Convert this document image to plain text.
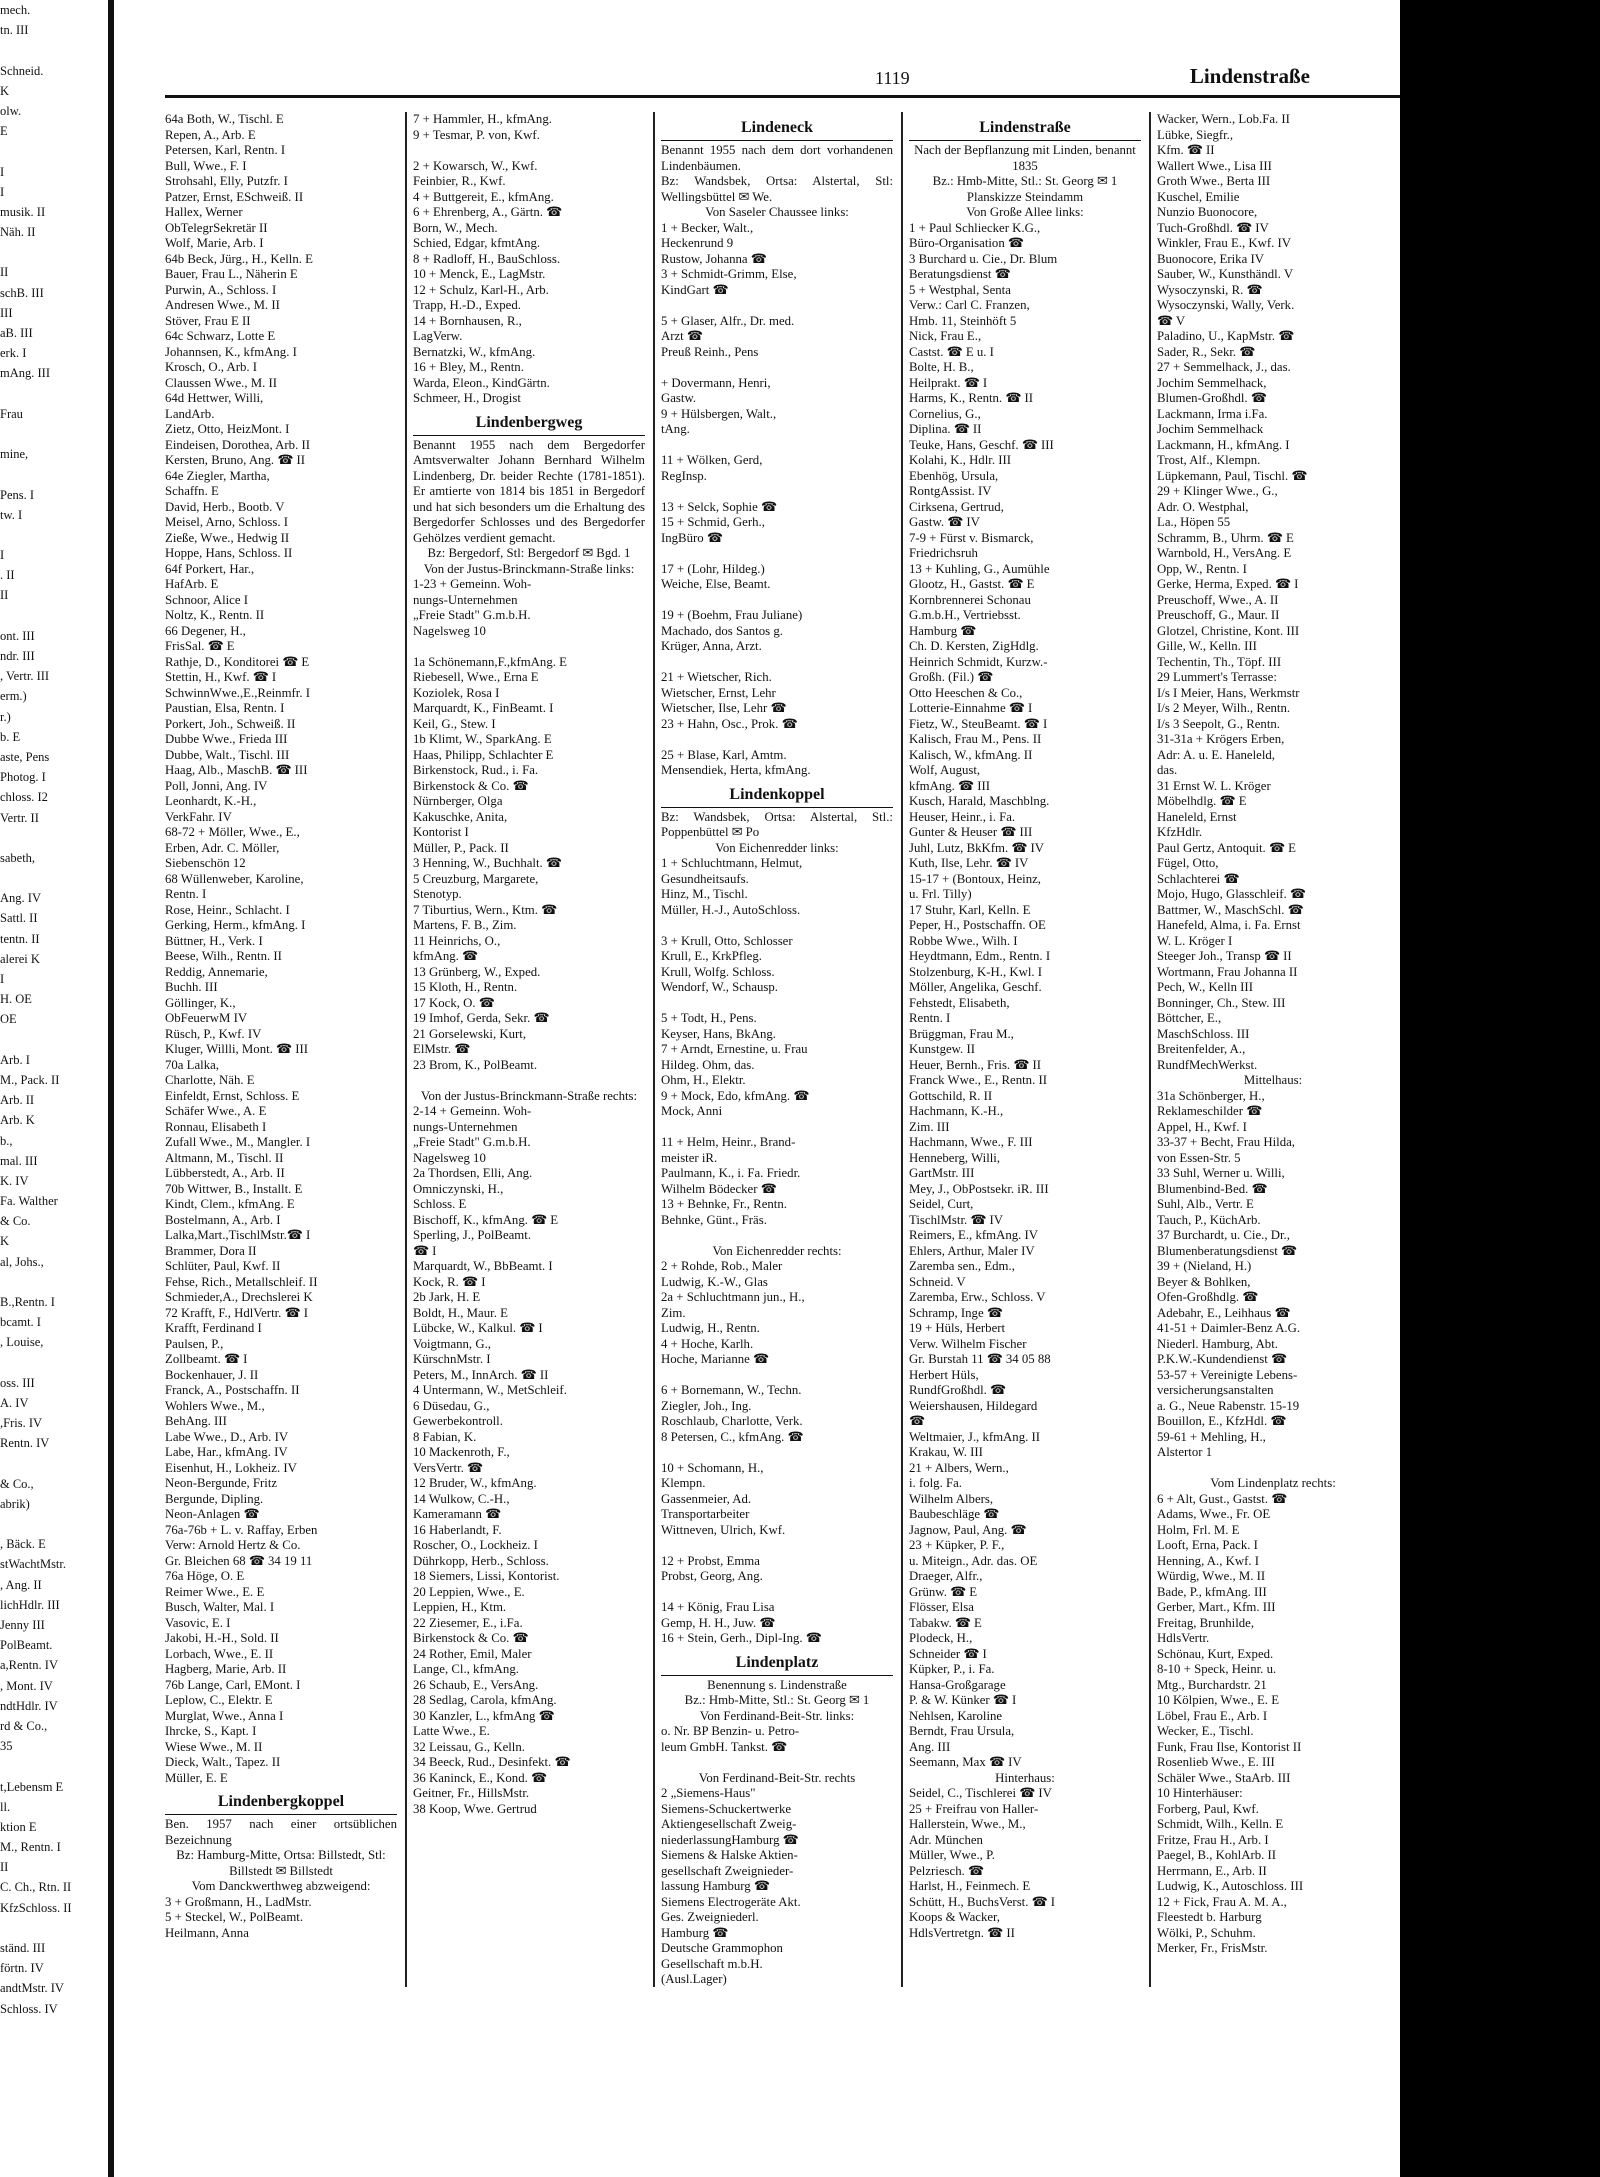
mech.
tn. III

Schneid.
K
olw.
E

I
I
musik. II
Näh. II

II
schB. III
III
aB. III
erk. I
mAng. III

Frau

mine,

Pens. I
tw. I

I
. II
II

ont. III
ndr. III
, Vertr. III
erm.)
r.)
b. E
aste, Pens
Photog. I
chloss. I2
Vertr. II

sabeth,

Ang. IV
Sattl. II
tentn. II
alerei K
I
H. OE
OE

Arb. I
M., Pack. II
Arb. II
Arb. K
b.,
mal. III
K. IV
Fa. Walther
& Co.
K
al, Johs.,

B.,Rentn. I
bcamt. I
, Louise,

oss. III
A. IV
,Fris. IV
Rentn. IV

& Co.,
abrik)

, Bäck. E
stWachtMstr.
, Ang. II
lichHdlr. III
Jenny III
PolBeamt.
a,Rentn. IV
, Mont. IV
ndtHdlr. IV
rd & Co.,
35

t,Lebensm E
ll.
ktion E
M., Rentn. I
II
C. Ch., Rtn. II
KfzSchloss. II

ständ. III
förtn. IV
andtMstr. IV
Schloss. IV
1119	Lindenstraße
64a Both, W., Tischl. E
Repen, A., Arb. E
Petersen, Karl, Rentn. I
Bull, Wwe., F. I
Strohsahl, Elly, Putzfr. I
Patzer, Ernst, ESchweiß. II
Hallex, Werner
ObTelegrSekretär II
Wolf, Marie, Arb. I
64b Beck, Jürg., H., Kelln. E
Bauer, Frau L., Näherin E
Purwin, A., Schloss. I
Andresen Wwe., M. II
Stöver, Frau E II
64c Schwarz, Lotte E
Johannsen, K., kfmAng. I
Krosch, O., Arb. I
Claussen Wwe., M. II
64d Hettwer, Willi,
LandArb.
Zietz, Otto, HeizMont. I
Eindeisen, Dorothea, Arb. II
Kersten, Bruno, Ang. ☎ II
64e Ziegler, Martha,
Schaffn. E
David, Herb., Bootb. V
Meisel, Arno, Schloss. I
Zieße, Wwe., Hedwig II
Hoppe, Hans, Schloss. II
64f Porkert, Har.,
HafArb. E
Schnoor, Alice I
Noltz, K., Rentn. II
66 Degener, H.,
FrisSal. ☎ E
Rathje, D., Konditorei ☎ E
Stettin, H., Kwf. ☎ I
SchwinnWwe.,E.,Reinmfr. I
Paustian, Elsa, Rentn. I
Porkert, Joh., Schweiß. II
Dubbe Wwe., Frieda III
Dubbe, Walt., Tischl. III
Haag, Alb., MaschB. ☎ III
Poll, Jonni, Ang. IV
Leonhardt, K.-H.,
VerkFahr. IV
68-72 + Möller, Wwe., E.,
Erben, Adr. C. Möller,
Siebenschön 12
68 Wüllenweber, Karoline,
Rentn. I
Rose, Heinr., Schlacht. I
Gerking, Herm., kfmAng. I
Büttner, H., Verk. I
Beese, Wilh., Rentn. II
Reddig, Annemarie,
Buchh. III
Göllinger, K.,
ObFeuerwM IV
Rüsch, P., Kwf. IV
Kluger, Willli, Mont. ☎ III
70a Lalka,
Charlotte, Näh. E
Einfeldt, Ernst, Schloss. E
Schäfer Wwe., A. E
Ronnau, Elisabeth I
Zufall Wwe., M., Mangler. I
Altmann, M., Tischl. II
Lübberstedt, A., Arb. II
70b Wittwer, B., Installt. E
Kindt, Clem., kfmAng. E
Bostelmann, A., Arb. I
Lalka,Mart.,TischlMstr.☎ I
Brammer, Dora II
Schlüter, Paul, Kwf. II
Fehse, Rich., Metallschleif. II
Schmieder,A., Drechslerei K
72 Krafft, F., HdlVertr. ☎ I
Krafft, Ferdinand I
Paulsen, P.,
Zollbeamt. ☎ I
Bockenhauer, J. II
Franck, A., Postschaffn. II
Wohlers Wwe., M.,
BehAng. III
Labe Wwe., D., Arb. IV
Labe, Har., kfmAng. IV
Eisenhut, H., Lokheiz. IV
Neon-Bergunde, Fritz
Bergunde, Dipling.
Neon-Anlagen ☎
76a-76b + L. v. Raffay, Erben
Verw: Arnold Hertz & Co.
Gr. Bleichen 68 ☎ 34 19 11
76a Höge, O. E
Reimer Wwe., E. E
Busch, Walter, Mal. I
Vasovic, E. I
Jakobi, H.-H., Sold. II
Lorbach, Wwe., E. II
Hagberg, Marie, Arb. II
76b Lange, Carl, EMont. I
Leplow, C., Elektr. E
Murglat, Wwe., Anna I
Ihrcke, S., Kapt. I
Wiese Wwe., M. II
Dieck, Walt., Tapez. II
Müller, E. E
Lindenbergkoppel
Ben. 1957 nach einer ortsüblichen Bezeichnung
Bz: Hamburg-Mitte, Ortsa: Billstedt, Stl: Billstedt ✉ Billstedt
Vom Danckwerthweg abzweigend:
3 + Großmann, H., LadMstr.
5 + Steckel, W., PolBeamt.
Heilmann, Anna
7 + Hammler, H., kfmAng.
9 + Tesmar, P. von, Kwf.

2 + Kowarsch, W., Kwf.
Feinbier, R., Kwf.
4 + Buttgereit, E., kfmAng.
6 + Ehrenberg, A., Gärtn. ☎
Born, W., Mech.
Schied, Edgar, kfmtAng.
8 + Radloff, H., BauSchloss.
10 + Menck, E., LagMstr.
12 + Schulz, Karl-H., Arb.
Trapp, H.-D., Exped.
14 + Bornhausen, R.,
LagVerw.
Bernatzki, W., kfmAng.
16 + Bley, M., Rentn.
Warda, Eleon., KindGärtn.
Schmeer, H., Drogist
Lindenbergweg
Benannt 1955 nach dem Bergedorfer Amtsverwalter Johann Bernhard Wilhelm Lindenberg, Dr. beider Rechte (1781-1851). Er amtierte von 1814 bis 1851 in Bergedorf und hat sich besonders um die Erhaltung des Bergedorfer Schlosses und des Bergedorfer Gehölzes verdient gemacht.
Bz: Bergedorf, Stl: Bergedorf ✉ Bgd. 1
Von der Justus-Brinckmann-Straße links:
1-23 + Gemeinn. Woh-
nungs-Unternehmen
„Freie Stadt" G.m.b.H.
Nagelsweg 10

1a Schönemann,F.,kfmAng. E
Riebesell, Wwe., Erna E
Koziolek, Rosa I
Marquardt, K., FinBeamt. I
Keil, G., Stew. I
1b Klimt, W., SparkAng. E
Haas, Philipp, Schlachter E
Birkenstock, Rud., i. Fa.
Birkenstock & Co. ☎
Nürnberger, Olga
Kakuschke, Anita,
Kontorist I
Müller, P., Pack. II
3 Henning, W., Buchhalt. ☎
5 Creuzburg, Margarete,
Stenotyp.
7 Tiburtius, Wern., Ktm. ☎
Martens, F. B., Zim.
11 Heinrichs, O.,
kfmAng. ☎
13 Grünberg, W., Exped.
15 Kloth, H., Rentn.
17 Kock, O. ☎
19 Imhof, Gerda, Sekr. ☎
21 Gorselewski, Kurt,
ElMstr. ☎
23 Brom, K., PolBeamt.

Von der Justus-Brinckmann-Straße rechts:
2-14 + Gemeinn. Woh-
nungs-Unternehmen
„Freie Stadt" G.m.b.H.
Nagelsweg 10
2a Thordsen, Elli, Ang.
Omniczynski, H.,
Schloss. E
Bischoff, K., kfmAng. ☎ E
Sperling, J., PolBeamt.
☎ I
Marquardt, W., BbBeamt. I
Kock, R. ☎ I
2b Jark, H. E
Boldt, H., Maur. E
Lübcke, W., Kalkul. ☎ I
Voigtmann, G.,
KürschnMstr. I
Peters, M., InnArch. ☎ II
4 Untermann, W., MetSchleif.
6 Düsedau, G.,
Gewerbekontroll.
8 Fabian, K.
10 Mackenroth, F.,
VersVertr. ☎
12 Bruder, W., kfmAng.
14 Wulkow, C.-H.,
Kameramann ☎
16 Haberlandt, F.
Roscher, O., Lockheiz. I
Dührkopp, Herb., Schloss.
18 Siemers, Lissi, Kontorist.
20 Leppien, Wwe., E.
Leppien, H., Ktm.
22 Ziesemer, E., i.Fa.
Birkenstock & Co. ☎
24 Rother, Emil, Maler
Lange, Cl., kfmAng.
26 Schaub, E., VersAng.
28 Sedlag, Carola, kfmAng.
30 Kanzler, L., kfmAng ☎
Latte Wwe., E.
32 Leissau, G., Kelln.
34 Beeck, Rud., Desinfekt. ☎
36 Kaninck, E., Kond. ☎
Geitner, Fr., HillsMstr.
38 Koop, Wwe. Gertrud
Lindeneck
Benannt 1955 nach dem dort vorhandenen Lindenbäumen.
Bz: Wandsbek, Ortsa: Alstertal, Stl: Wellingsbüttel ✉ We.
Von Saseler Chaussee links:
1 + Becker, Walt.,
Heckenrund 9
Rustow, Johanna ☎
3 + Schmidt-Grimm, Else,
KindGart ☎

5 + Glaser, Alfr., Dr. med.
Arzt ☎
Preuß Reinh., Pens

+ Dovermann, Henri,
Gastw.
9 + Hülsbergen, Walt.,
tAng.

11 + Wölken, Gerd,
RegInsp.

13 + Selck, Sophie ☎
15 + Schmid, Gerh.,
IngBüro ☎

17 + (Lohr, Hildeg.)
Weiche, Else, Beamt.

19 + (Boehm, Frau Juliane)
Machado, dos Santos g.
Krüger, Anna, Arzt.

21 + Wietscher, Rich.
Wietscher, Ernst, Lehr
Wietscher, Ilse, Lehr ☎
23 + Hahn, Osc., Prok. ☎

25 + Blase, Karl, Amtm.
Mensendiek, Herta, kfmAng.
Lindenkoppel
Bz: Wandsbek, Ortsa: Alstertal, Stl.: Poppenbüttel ✉ Po
Von Eichenredder links:
1 + Schluchtmann, Helmut,
Gesundheitsaufs.
Hinz, M., Tischl.
Müller, H.-J., AutoSchloss.

3 + Krull, Otto, Schlosser
Krull, E., KrkPfleg.
Krull, Wolfg. Schloss.
Wendorf, W., Schausp.

5 + Todt, H., Pens.
Keyser, Hans, BkAng.
7 + Arndt, Ernestine, u. Frau
Hildeg. Ohm, das.
Ohm, H., Elektr.
9 + Mock, Edo, kfmAng. ☎
Mock, Anni

11 + Helm, Heinr., Brand-
meister iR.
Paulmann, K., i. Fa. Friedr.
Wilhelm Bödecker ☎
13 + Behnke, Fr., Rentn.
Behnke, Günt., Fräs.

Von Eichenredder rechts:
2 + Rohde, Rob., Maler
Ludwig, K.-W., Glas
2a + Schluchtmann jun., H.,
Zim.
Ludwig, H., Rentn.
4 + Hoche, Karlh.
Hoche, Marianne ☎

6 + Bornemann, W., Techn.
Ziegler, Joh., Ing.
Roschlaub, Charlotte, Verk.
8 Petersen, C., kfmAng. ☎

10 + Schomann, H.,
Klempn.
Gassenmeier, Ad.
Transportarbeiter
Wittneven, Ulrich, Kwf.

12 + Probst, Emma
Probst, Georg, Ang.

14 + König, Frau Lisa
Gemp, H. H., Juw. ☎
16 + Stein, Gerh., Dipl-Ing. ☎
Lindenplatz
Benennung s. Lindenstraße
Bz.: Hmb-Mitte, Stl.: St. Georg ✉ 1
Von Ferdinand-Beit-Str. links:
o. Nr. BP Benzin- u. Petro-
leum GmbH. Tankst. ☎

Von Ferdinand-Beit-Str. rechts
2 „Siemens-Haus"
Siemens-Schuckertwerke
Aktiengesellschaft Zweig-
niederlassungHamburg ☎
Siemens & Halske Aktien-
gesellschaft Zweignieder-
lassung Hamburg ☎
Siemens Electrogeräte Akt.
Ges. Zweigniederl.
Hamburg ☎
Deutsche Grammophon
Gesellschaft m.b.H.
(Ausl.Lager)
Lindenstraße
Nach der Bepflanzung mit Linden, benannt 1835
Bz.: Hmb-Mitte, Stl.: St. Georg ✉ 1
Planskizze Steindamm
Von Große Allee links:
1 + Paul Schliecker K.G.,
Büro-Organisation ☎
3 Burchard u. Cie., Dr. Blum
Beratungsdienst ☎
5 + Westphal, Senta
Verw.: Carl C. Franzen,
Hmb. 11, Steinhöft 5
Nick, Frau E.,
Castst. ☎ E u. I
Bolte, H. B.,
Heilprakt. ☎ I
Harms, K., Rentn. ☎ II
Cornelius, G.,
Diplina. ☎ II
Teuke, Hans, Geschf. ☎ III
Kolahi, K., Hdlr. III
Ebenhög, Ursula,
RontgAssist. IV
Cirksena, Gertrud,
Gastw. ☎ IV
7-9 + Fürst v. Bismarck,
Friedrichsruh
13 + Kuhling, G., Aumühle
Glootz, H., Gastst. ☎ E
Kornbrennerei Schonau
G.m.b.H., Vertriebsst.
Hamburg ☎
Ch. D. Kersten, ZigHdlg.
Heinrich Schmidt, Kurzw.-
Großh. (Fil.) ☎
Otto Heeschen & Co.,
Lotterie-Einnahme ☎ I
Fietz, W., SteuBeamt. ☎ I
Kalisch, Frau M., Pens. II
Kalisch, W., kfmAng. II
Wolf, August,
kfmAng. ☎ III
Kusch, Harald, Maschblng.
Heuser, Heinr., i. Fa.
Gunter & Heuser ☎ III
Juhl, Lutz, BkKfm. ☎ IV
Kuth, Ilse, Lehr. ☎ IV
15-17 + (Bontoux, Heinz,
u. Frl. Tilly)
17 Stuhr, Karl, Kelln. E
Peper, H., Postschaffn. OE
Robbe Wwe., Wilh. I
Heydtmann, Edm., Rentn. I
Stolzenburg, K-H., Kwl. I
Möller, Angelika, Geschf.
Fehstedt, Elisabeth,
Rentn. I
Brüggman, Frau M.,
Kunstgew. II
Heuer, Bernh., Fris. ☎ II
Franck Wwe., E., Rentn. II
Gottschild, R. II
Hachmann, K.-H.,
Zim. III
Hachmann, Wwe., F. III
Henneberg, Willi,
GartMstr. III
Mey, J., ObPostsekr. iR. III
Seidel, Curt,
TischlMstr. ☎ IV
Reimers, E., kfmAng. IV
Ehlers, Arthur, Maler IV
Zaremba sen., Edm.,
Schneid. V
Zaremba, Erw., Schloss. V
Schramp, Inge ☎
19 + Hüls, Herbert
Verw. Wilhelm Fischer
Gr. Burstah 11 ☎ 34 05 88
Herbert Hüls,
RundfGroßhdl. ☎
Weiershausen, Hildegard
☎
Weltmaier, J., kfmAng. II
Krakau, W. III
21 + Albers, Wern.,
i. folg. Fa.
Wilhelm Albers,
Baubeschläge ☎
Jagnow, Paul, Ang. ☎
23 + Küpker, P. F.,
u. Miteign., Adr. das. OE
Draeger, Alfr.,
Grünw. ☎ E
Flösser, Elsa
Tabakw. ☎ E
Plodeck, H.,
Schneider ☎ I
Küpker, P., i. Fa.
Hansa-Großgarage
P. & W. Künker ☎ I
Nehlsen, Karoline
Berndt, Frau Ursula,
Ang. III
Seemann, Max ☎ IV
Hinterhaus:
Seidel, C., Tischlerei ☎ IV
25 + Freifrau von Haller-
Hallerstein, Wwe., M.,
Adr. München
Müller, Wwe., P.
Pelzriesch. ☎
Harlst, H., Feinmech. E
Schütt, H., BuchsVerst. ☎ I
Koops & Wacker,
HdlsVertretgn. ☎ II
Wacker, Wern., Lob.Fa. II
Lübke, Siegfr.,
Kfm. ☎ II
Wallert Wwe., Lisa III
Groth Wwe., Berta III
Kuschel, Emilie
Nunzio Buonocore,
Tuch-Großhdl. ☎ IV
Winkler, Frau E., Kwf. IV
Buonocore, Erika IV
Sauber, W., Kunsthändl. V
Wysoczynski, R. ☎
Wysoczynski, Wally, Verk.
☎ V
Paladino, U., KapMstr. ☎
Sader, R., Sekr. ☎
27 + Semmelhack, J., das.
Jochim Semmelhack,
Blumen-Großhdl. ☎
Lackmann, Irma i.Fa.
Jochim Semmelhack
Lackmann, H., kfmAng. I
Trost, Alf., Klempn.
Lüpkemann, Paul, Tischl. ☎
29 + Klinger Wwe., G.,
Adr. O. Westphal,
La., Höpen 55
Schramm, B., Uhrm. ☎ E
Warnbold, H., VersAng. E
Opp, W., Rentn. I
Gerke, Herma, Exped. ☎ I
Preuschoff, Wwe., A. II
Preuschoff, G., Maur. II
Glotzel, Christine, Kont. III
Gille, W., Kelln. III
Techentin, Th., Töpf. III
29 Lummert's Terrasse:
I/s I Meier, Hans, Werkmstr
I/s 2 Meyer, Wilh., Rentn.
I/s 3 Seepolt, G., Rentn.
31-31a + Krögers Erben,
Adr: A. u. E. Haneleld,
das.
31 Ernst W. L. Kröger
Möbelhdlg. ☎ E
Haneleld, Ernst
KfzHdlr.
Paul Gertz, Antoquit. ☎ E
Fügel, Otto,
Schlachterei ☎
Mojo, Hugo, Glasschleif. ☎
Battmer, W., MaschSchl. ☎
Hanefeld, Alma, i. Fa. Ernst
W. L. Kröger I
Steeger Joh., Transp ☎ II
Wortmann, Frau Johanna II
Pech, W., Kelln III
Bonninger, Ch., Stew. III
Böttcher, E.,
MaschSchloss. III
Breitenfelder, A.,
RundfMechWerkst.
Mittelhaus:
31a Schönberger, H.,
Reklameschilder ☎
Appel, H., Kwf. I
33-37 + Becht, Frau Hilda,
von Essen-Str. 5
33 Suhl, Werner u. Willi,
Blumenbind-Bed. ☎
Suhl, Alb., Vertr. E
Tauch, P., KüchArb.
37 Burchardt, u. Cie., Dr.,
Blumenberatungsdienst ☎
39 + (Nieland, H.)
Beyer & Bohlken,
Ofen-Großhdlg. ☎
Adebahr, E., Leihhaus ☎
41-51 + Daimler-Benz A.G.
Niederl. Hamburg, Abt.
P.K.W.-Kundendienst ☎
53-57 + Vereinigte Lebens-
versicherungsanstalten
a. G., Neue Rabenstr. 15-19
Bouillon, E., KfzHdl. ☎
59-61 + Mehling, H.,
Alstertor 1

Vom Lindenplatz rechts:
6 + Alt, Gust., Gastst. ☎
Adams, Wwe., Fr. OE
Holm, Frl. M. E
Looft, Erna, Pack. I
Henning, A., Kwf. I
Würdig, Wwe., M. II
Bade, P., kfmAng. III
Gerber, Mart., Kfm. III
Freitag, Brunhilde,
HdlsVertr.
Schönau, Kurt, Exped.
8-10 + Speck, Heinr. u.
Mtg., Burchardstr. 21
10 Kölpien, Wwe., E. E
Löbel, Frau E., Arb. I
Wecker, E., Tischl.
Funk, Frau Ilse, Kontorist II
Rosenlieb Wwe., E. III
Schäler Wwe., StaArb. III
10 Hinterhäuser:
Forberg, Paul, Kwf.
Schmidt, Wilh., Kelln. E
Fritze, Frau H., Arb. I
Paegel, B., KohlArb. II
Herrmann, E., Arb. II
Ludwig, K., Autoschloss. III
12 + Fick, Frau A. M. A.,
Fleestedt b. Harburg
Wölki, P., Schuhm.
Merker, Fr., FrisMstr.
